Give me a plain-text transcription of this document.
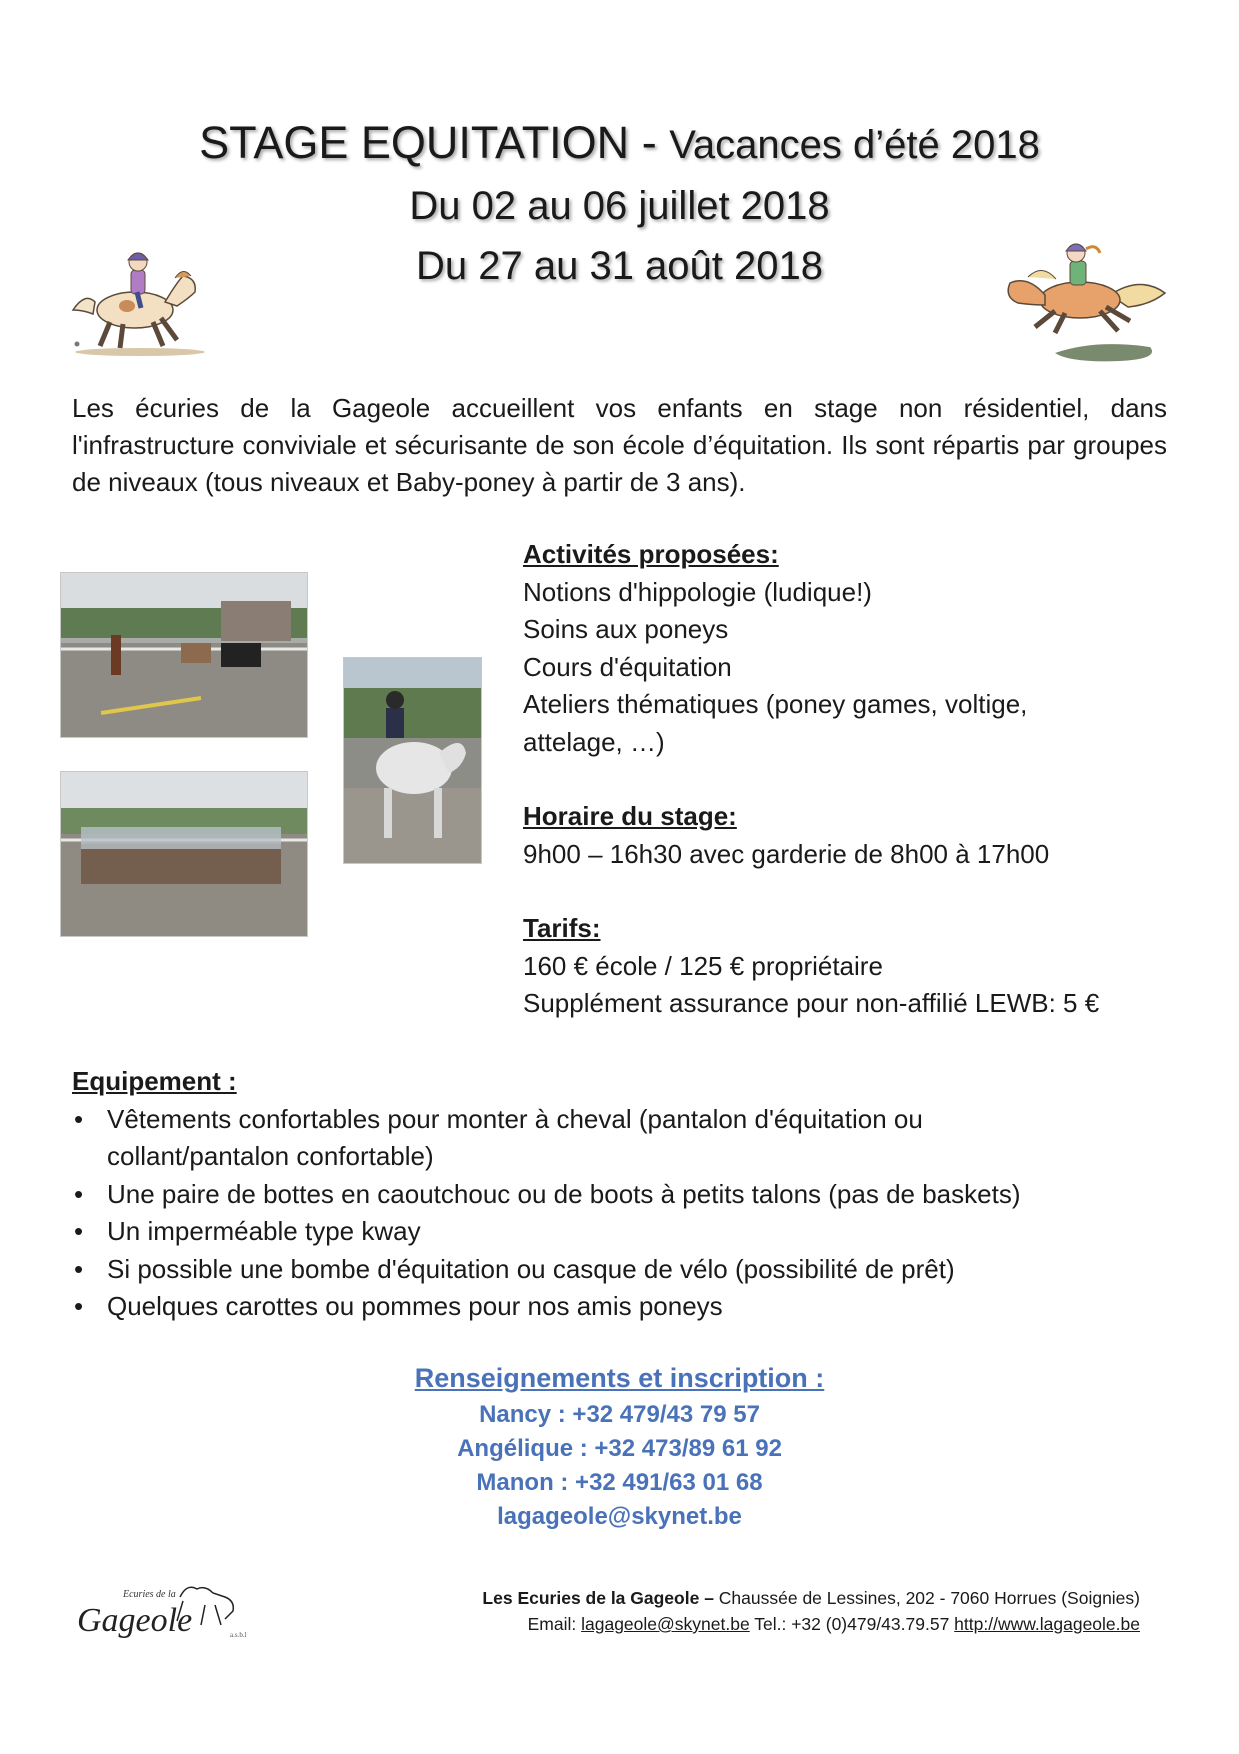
STAGE EQUITATION - Vacances d’été 2018
Du 02 au 06 juillet 2018
Du 27 au 31 août 2018
Les écuries de la Gageole accueillent vos enfants en stage non résidentiel, dans l'infrastructure conviviale et sécurisante de son école d’équitation. Ils sont répartis par groupes de niveaux (tous niveaux et Baby-poney à partir de 3 ans).
Activités proposées:
Notions d'hippologie (ludique!)
Soins aux poneys
Cours d'équitation
Ateliers thématiques (poney games, voltige, attelage, …)
Horaire du stage:
9h00 – 16h30 avec garderie de 8h00 à 17h00
Tarifs:
160 € école / 125 € propriétaire
Supplément assurance pour non-affilié LEWB: 5 €
Equipement :
• Vêtements confortables pour monter à cheval (pantalon d'équitation ou collant/pantalon confortable)
• Une paire de bottes en caoutchouc ou de boots à petits talons (pas de baskets)
• Un imperméable type kway
• Si possible une bombe d'équitation ou casque de vélo (possibilité de prêt)
• Quelques carottes ou pommes pour nos amis poneys
Renseignements et inscription :
Nancy : +32 479/43 79 57
Angélique : +32 473/89 61 92
Manon : +32 491/63 01 68
lagageole@skynet.be
Ecuries de la
Gageole	a.s.b.l
Les Ecuries de la Gageole – Chaussée de Lessines, 202 - 7060 Horrues (Soignies)
Email: lagageole@skynet.be Tel.: +32 (0)479/43.79.57 http://www.lagageole.be
